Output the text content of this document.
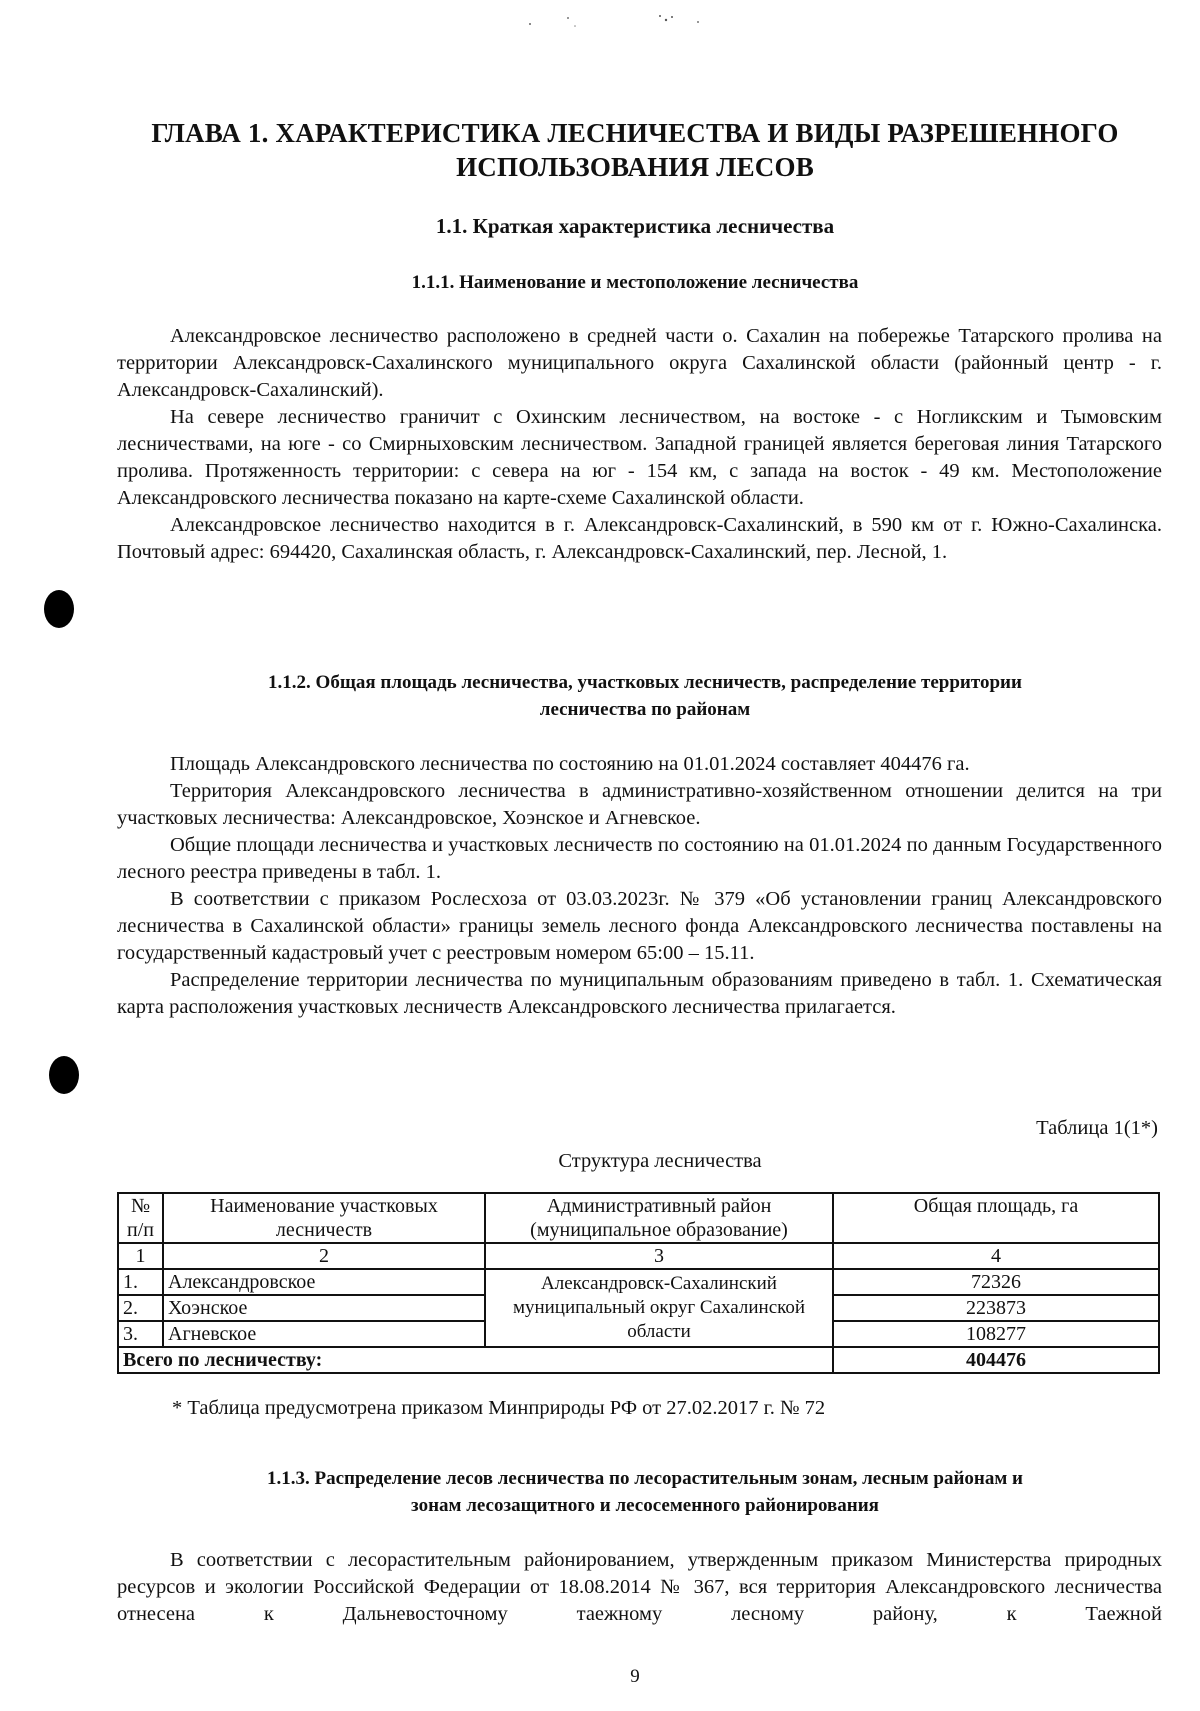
ГЛАВА 1. ХАРАКТЕРИСТИКА ЛЕСНИЧЕСТВА И ВИДЫ РАЗРЕШЕННОГО
ИСПОЛЬЗОВАНИЯ ЛЕСОВ
1.1. Краткая характеристика лесничества
1.1.1. Наименование и местоположение лесничества

Александровское лесничество расположено в средней части о. Сахалин на побережье Татарского пролива на территории Александровск-Сахалинского муниципального округа Сахалинской области (районный центр - г. Александровск-Сахалинский).

На севере лесничество граничит с Охинским лесничеством, на востоке - с Ногликским и Тымовским лесничествами, на юге - со Смирныховским лесничеством. Западной границей является береговая линия Татарского пролива. Протяженность территории: с севера на юг - 154 км, с запада на восток - 49 км. Местоположение Александровского лесничества показано на карте-схеме Сахалинской области.

Александровское лесничество находится в г. Александровск-Сахалинский, в 590 км от г. Южно-Сахалинска. Почтовый адрес: 694420, Сахалинская область, г. Александровск-Сахалинский, пер. Лесной, 1.

1.1.2. Общая площадь лесничества, участковых лесничеств, распределение территории
лесничества по районам

Площадь Александровского лесничества по состоянию на 01.01.2024 составляет 404476 га.

Территория Александровского лесничества в административно-хозяйственном отношении делится на три участковых лесничества: Александровское, Хоэнское и Агневское.

Общие площади лесничества и участковых лесничеств по состоянию на 01.01.2024 по данным Государственного лесного реестра приведены в табл. 1.

В соответствии с приказом Рослесхоза от 03.03.2023г. № 379 «Об установлении границ Александровского лесничества в Сахалинской области» границы земель лесного фонда Александровского лесничества поставлены на государственный кадастровый учет с реестровым номером 65:00 – 15.11.

Распределение территории лесничества по муниципальным образованиям приведено в табл. 1. Схематическая карта расположения участковых лесничеств Александровского лесничества прилагается.

Таблица 1(1*)
Структура лесничества
№ п/п	Наименование участковых лесничеств	Административный район (муниципальное образование)	Общая площадь, га
1	2	3	4
1.	Александровское	Александровск-Сахалинский муниципальный округ Сахалинской области	72326
2.	Хоэнское		223873
3.	Агневское		108277
Всего по лесничеству:			404476
* Таблица предусмотрена приказом Минприроды РФ от 27.02.2017 г. № 72
1.1.3. Распределение лесов лесничества по лесорастительным зонам, лесным районам и
зонам лесозащитного и лесосеменного районирования

В соответствии с лесорастительным районированием, утвержденным приказом Министерства природных ресурсов и экологии Российской Федерации от 18.08.2014 № 367, вся территория Александровского лесничества отнесена к Дальневосточному таежному лесному району, к Таежной

9
